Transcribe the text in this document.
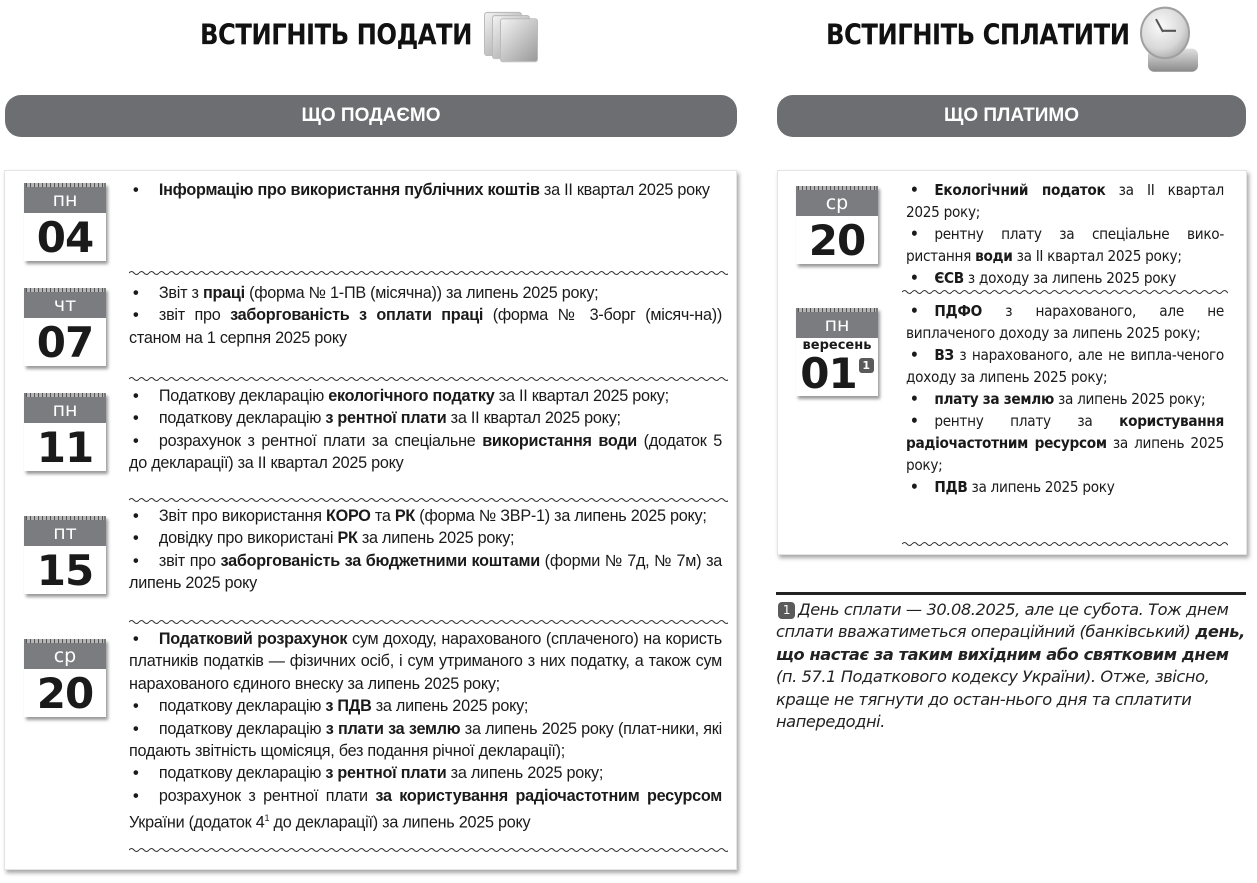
ВСТИГНІТЬ ПОДАТИ	ВСТИГНІТЬ СПЛАТИТИ
ЩО ПОДАЄМО	ЩО ПЛАТИМО
пн
04

• Інформацію про використання публічних коштів за II квартал 2025 року

чт
07

• Звіт з праці (форма № 1-ПВ (місячна)) за липень 2025 року;

• звіт про заборгованість з оплати праці (форма № 3-борг (місяч-на)) станом на 1 серпня 2025 року

пн
11

• Податкову декларацію екологічного податку за II квартал 2025 року;

• податкову декларацію з рентної плати за II квартал 2025 року;

• розрахунок з рентної плати за спеціальне використання води (додаток 5 до декларації) за II квартал 2025 року

пт
15

• Звіт про використання КОРО та РК (форма № ЗВР-1) за липень 2025 року;

• довідку про використані РК за липень 2025 року;

• звіт про заборгованість за бюджетними коштами (форми № 7д, № 7м) за липень 2025 року

ср
20

• Податковий розрахунок сум доходу, нарахованого (сплаченого) на користь платників податків — фізичних осіб, і сум утриманого з них податку, а також сум нарахованого єдиного внеску за липень 2025 року;

• податкову декларацію з ПДВ за липень 2025 року;

• податкову декларацію з плати за землю за липень 2025 року (плат-ники, які подають звітність щомісяця, без подання річної декларації);

• податкову декларацію з рентної плати за липень 2025 року;

• розрахунок з рентної плати за користування радіочастотним ресурсом України (додаток $4^1$ до декларації) за липень 2025 року

ср
20

• Екологічний податок за II квартал 2025 року;

• рентну плату за спеціальне вико-ристання води за II квартал 2025 року;

• ЄСВ з доходу за липень 2025 року

пн
вересень
01 1

• ПДФО з нарахованого, але не виплаченого доходу за липень 2025 року;

• ВЗ з нарахованого, але не випла-ченого доходу за липень 2025 року;

• плату за землю за липень 2025 року;

• рентну плату за користування радіочастотним ресурсом за липень 2025 року;

• ПДВ за липень 2025 року

1 День сплати — 30.08.2025, але це субота. Тож днем сплати вважатиметься операційний (банківський) день, що настає за таким вихідним або святковим днем (п. 57.1 Податкового кодексу України). Отже, звісно, краще не тягнути до остан-нього дня та сплатити напередодні.
